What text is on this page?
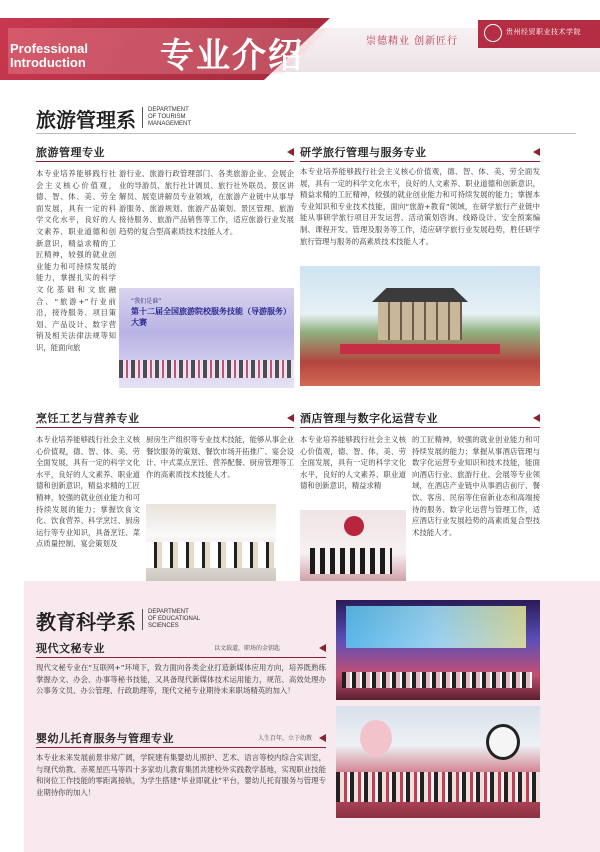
Professional
Introduction 专业介绍	崇德精业 创新匠行
贵州经贸职业技术学院
旅游管理系 DEPARTMENT
OF TOURISM
MANAGEMENT
旅游管理专业
本专业培养能够践行社会主义核心价值观，德、智、体、美、劳全面发展，具有一定的科学文化水平，良好的人文素养、职业道德和创新意识，精益求精的工匠精神，较强的就业创业能力和可持续发展的能力，掌握扎实的科学文化基础和文旅融合、“旅游+”行业前沿，接待服务、项目策划、产品设计、数字营销及相关法律法规等知识，能面向旅
游行业、旅游行政管理部门、各类旅游企业、会展企业的导游员、旅行社计调员、旅行社外联员、景区讲解员、展览讲解员专业领域，在旅游产业链中从事导游服务、旅游规划、旅游产品策划、景区管理、旅游接待服务、旅游产品销售等工作，适应旅游行业发展趋势的复合型高素质技术技能人才。
“我们是谁”
第十二届全国旅游院校服务技能（导游服务）大赛
研学旅行管理与服务专业
本专业培养能够践行社会主义核心价值观，德、智、体、美、劳全面发展，具有一定的科学文化水平，良好的人文素养、职业道德和创新意识，精益求精的工匠精神，较强的就业创业能力和可持续发展的能力；掌握本专业知识和专业技术技能，面向“旅游+教育”领域，在研学旅行产业链中能从事研学旅行项目开发运营、活动策划咨询、线路设计、安全预案编制、课程开发、管理及服务等工作，适应研学旅行业发展趋势，胜任研学旅行管理与服务的高素质技术技能人才。
烹饪工艺与营养专业
本专业培养能够践行社会主义核心价值观，德、智、体、美、劳全面发展，具有一定的科学文化水平，良好的人文素养、职业道德和创新意识，精益求精的工匠精神，较强的就业创业能力和可持续发展的能力；掌握饮食文化、饮食营养、科学烹饪、厨房运行等专业知识，具备烹饪、菜点质量控制、宴会策划及
厨房生产组织等专业技术技能，能够从事企业餐饮服务的策划、餐饮市场开拓推广、宴会设计、中式菜点烹饪、营养配餐、厨房管理等工作的高素质技术技能人才。
酒店管理与数字化运营专业
本专业培养能够践行社会主义核心价值观，德、智、体、美、劳全面发展，具有一定的科学文化水平，良好的人文素养、职业道德和创新意识，精益求精
的工匠精神，较强的就业创业能力和可持续发展的能力；掌握从事酒店管理与数字化运营专业知识和技术技能，能面向酒店行业、旅游行业、会展等专业领域，在酒店产业链中从事酒店前厅、餐饮、客房、民宿等住宿新业态和高端接待的服务、数字化运营与管理工作，适应酒店行业发展趋势的高素质复合型技术技能人才。
教育科学系 DEPARTMENT
OF EDUCATIONAL
SCIENCES
现代文秘专业	以文载道，职场的金钥匙
现代文秘专业在“互联网+”环境下，致力面向各类企业打造新媒体应用方向，培养既熟练掌握办文、办会、办事等秘书技能，又具备现代新媒体技术运用能力，规范、高效处理办公事务文员、办公管理、行政助理等，现代文秘专业期待未来职场精英的加入！
婴幼儿托育服务与管理专业	人生百年，立于幼教
本专业未来发展前景非常广阔，学院建有集婴幼儿照护、艺术、语言等校内综合实训室，与现代幼教、赤冕星匹马等四十多家幼儿教育集团共建校外实践教学基地，实现职业技能和岗位工作技能的零距离接轨，为学生搭建“毕业即就业”平台，婴幼儿托育服务与管理专业期待你的加入！
